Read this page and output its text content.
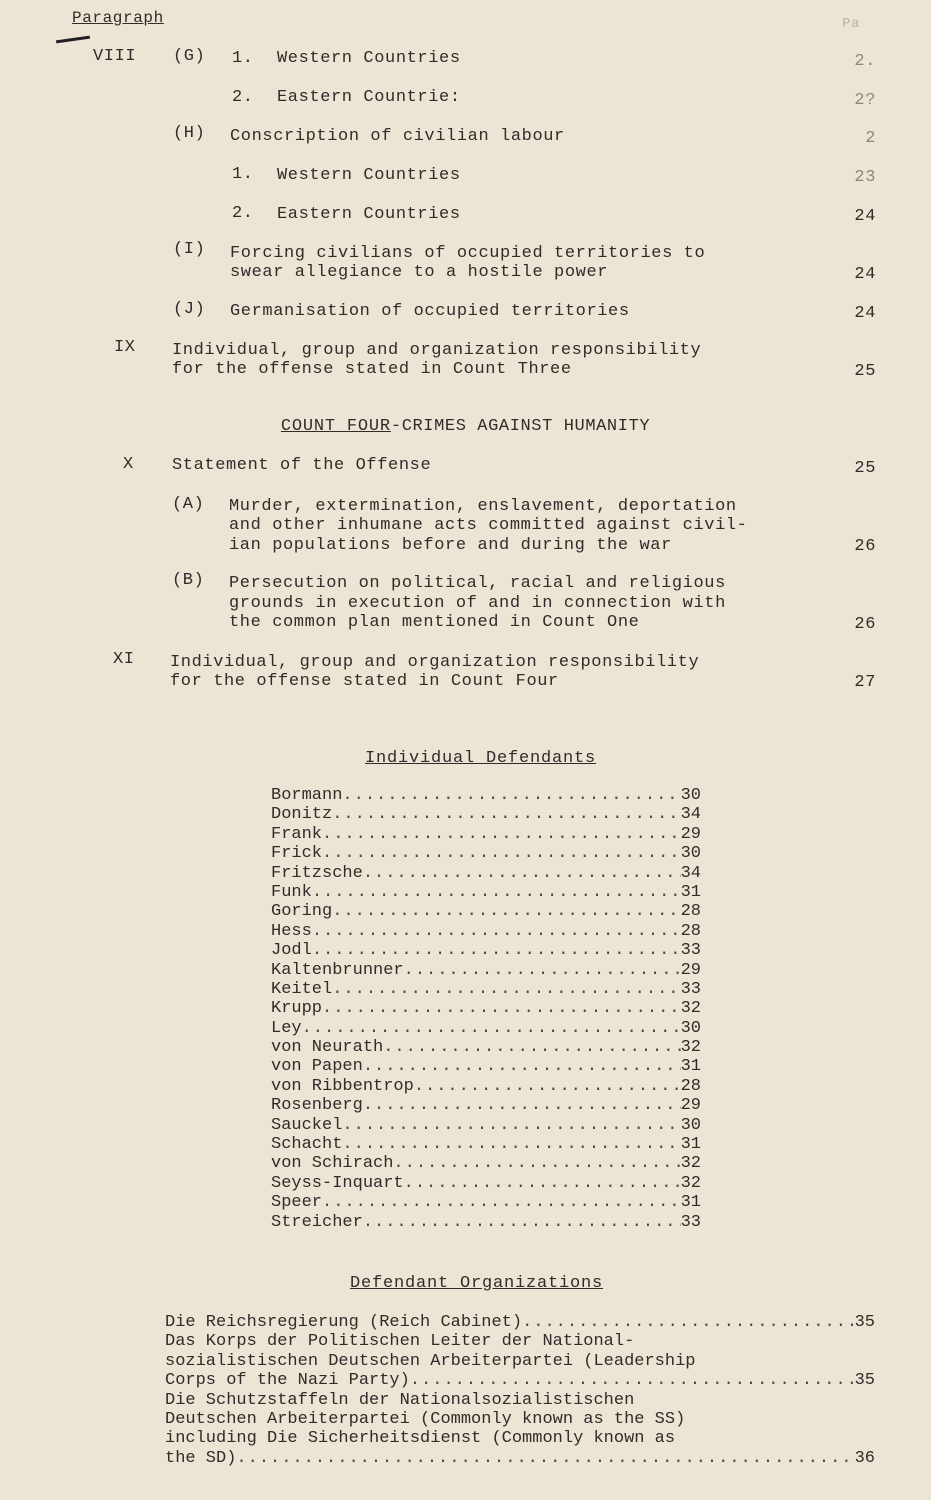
Paragraph	Pa
VIII (G) 1. Western Countries	2.
2. Eastern Countrie:	2?
(H) Conscription of civilian labour	2
1. Western Countries	23
2. Eastern Countries	24
(I) Forcing civilians of occupied territories to
swear allegiance to a hostile power	24
(J) Germanisation of occupied territories	24
IX Individual, group and organization responsibility
for the offense stated in Count Three	25
COUNT FOUR-CRIMES AGAINST HUMANITY
X Statement of the Offense	25
(A) Murder, extermination, enslavement, deportation
and other inhumane acts committed against civil-
ian populations before and during the war	26
(B) Persecution on political, racial and religious
grounds in execution of and in connection with
the common plan mentioned in Count One	26
XI Individual, group and organization responsibility
for the offense stated in Count Four	27
Individual Defendants
Bormann .....	30
Donitz .....	34
Frank .....	29
Frick .....	30
Fritzsche .....	34
Funk .....	31
Goring .....	28
Hess .....	28
Jodl .....	33
Kaltenbrunner .....	29
Keitel .....	33
Krupp .....	32
Ley .....	30
von Neurath .....	32
von Papen .....	31
von Ribbentrop .....	28
Rosenberg .....	29
Sauckel .....	30
Schacht .....	31
von Schirach .....	32
Seyss-Inquart .....	32
Speer .....	31
Streicher .....	33
Defendant Organizations
Die Reichsregierung (Reich Cabinet) .....	35
Das Korps der Politischen Leiter der National-
sozialistischen Deutschen Arbeiterpartei (Leadership
Corps of the Nazi Party) .....	35
Die Schutzstaffeln der Nationalsozialistischen
Deutschen Arbeiterpartei (Commonly known as the SS)
including Die Sicherheitsdienst (Commonly known as
the SD) .....	36
